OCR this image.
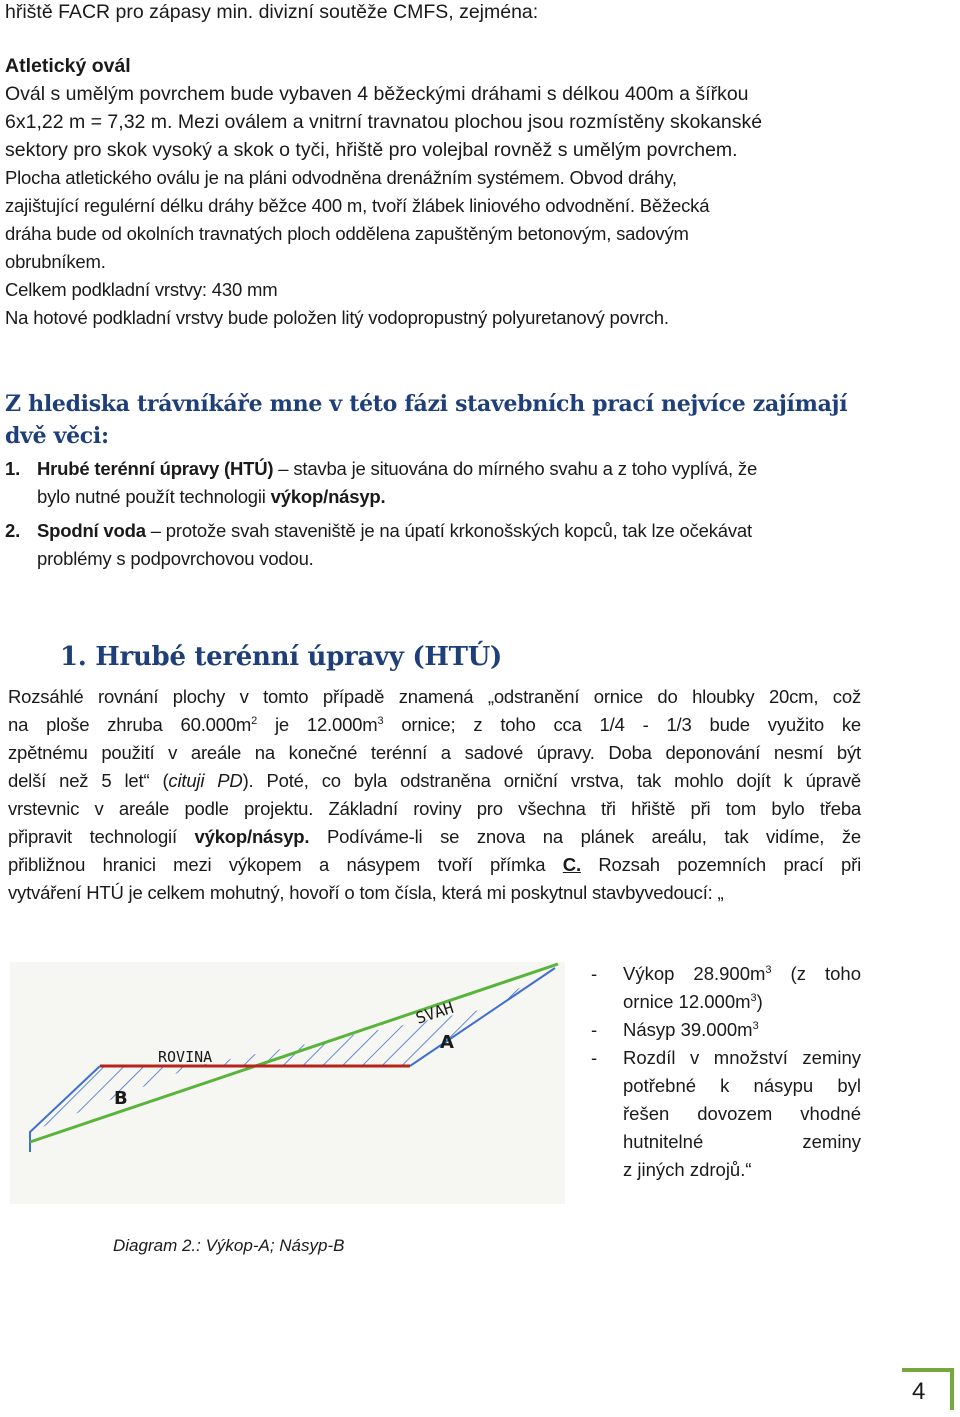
hřiště FACR pro zápasy min. divizní soutěže CMFS, zejména:
Atletický ovál
Ovál s umělým povrchem bude vybaven 4 běžeckými dráhami s délkou 400m a šířkou
6x1,22 m = 7,32 m. Mezi oválem a vnitrní travnatou plochou jsou rozmístěny skokanské
sektory pro skok vysoký a skok o tyči, hřiště pro volejbal rovněž s umělým povrchem.
Plocha atletického oválu je na pláni odvodněna drenážním systémem. Obvod dráhy,
zajištující regulérní délku dráhy běžce 400 m, tvoří žlábek liniového odvodnění. Běžecká
dráha bude od okolních travnatých ploch oddělena zapuštěným betonovým, sadovým
obrubníkem.
Celkem podkladní vrstvy: 430 mm
Na hotové podkladní vrstvy bude položen litý vodopropustný polyuretanový povrch.
Z hlediska trávníkáře mne v této fázi stavebních prací nejvíce zajímají
dvě věci:
1. Hrubé terénní úpravy (HTÚ) – stavba je situována do mírného svahu a z toho vyplívá, že
bylo nutné použít technologii výkop/násyp.
2. Spodní voda – protože svah staveniště je na úpatí krkonošských kopců, tak lze očekávat
problémy s podpovrchovou vodou.
1. Hrubé terénní úpravy (HTÚ)
Rozsáhlé rovnání plochy v tomto případě znamená „odstranění ornice do hloubky 20cm, což
na ploše zhruba $60.000m^2$ je $12.000m^3$ ornice; z toho cca 1/4 - 1/3 bude využito ke
zpětnému použití v areále na konečné terénní a sadové úpravy. Doba deponování nesmí být
delší než 5 let“ (cituji PD). Poté, co byla odstraněna orniční vrstva, tak mohlo dojít k úpravě
vrstevnic v areále podle projektu. Základní roviny pro všechna tři hřiště při tom bylo třeba
připravit technologií výkop/násyp. Podíváme-li se znova na plánek areálu, tak vidíme, že
přibližnou hranici mezi výkopem a násypem tvoří přímka C. Rozsah pozemních prací při
vytváření HTÚ je celkem mohutný, hovoří o tom čísla, která mi poskytnul stavbyvedoucí: „
SVAH
ROVINA
A
B
-	Výkop $28.900m^3$ (z toho
ornice $12.000m^3$)
-	Násyp $39.000m^3$
-	Rozdíl v množství zeminy
potřebné k násypu byl
řešen dovozem vhodné
hutnitelné zeminy
z jiných zdrojů.“
Diagram 2.: Výkop-A; Násyp-B
4
